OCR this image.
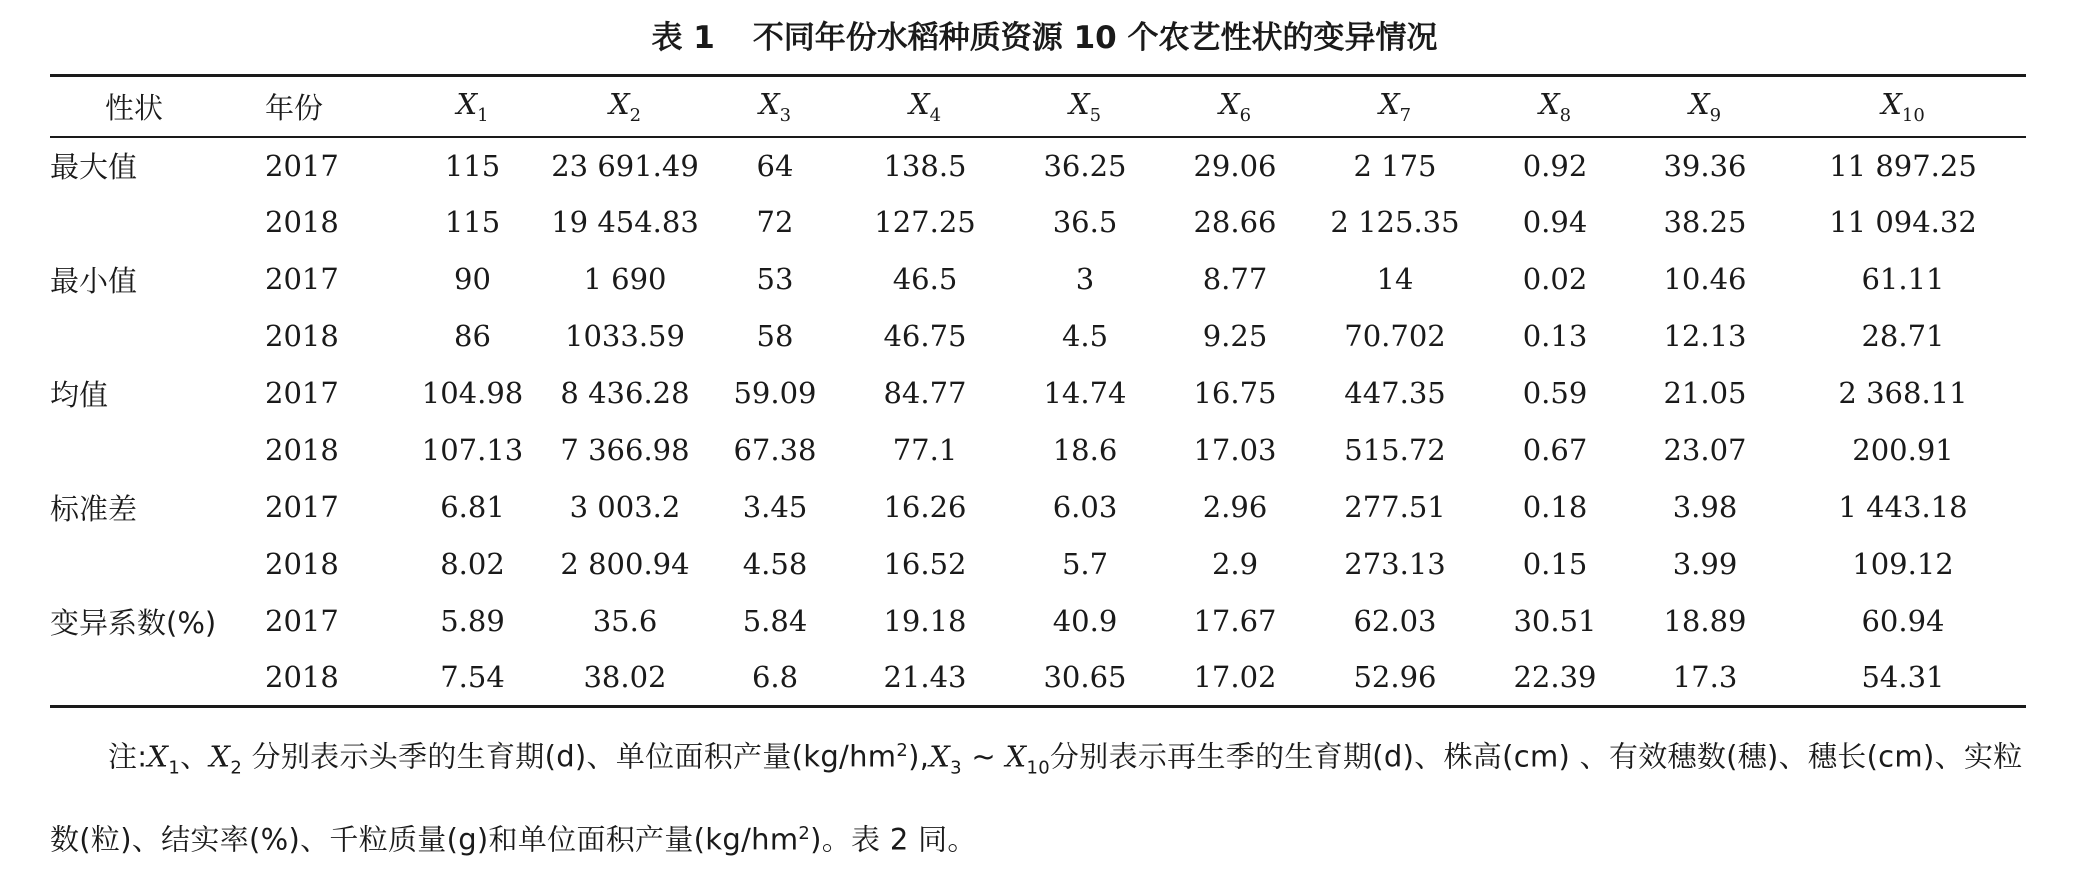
表 1 不同年份水稻种质资源 10 个农艺性状的变异情况
性状	年份	$X_1$	$X_2$	$X_3$	$X_4$	$X_5$	$X_6$	$X_7$	$X_8$	$X_9$	$X_{10}$
最大值	2017	115	23 691.49	64	138.5	36.25	29.06	2 175	0.92	39.36	11 897.25
	2018	115	19 454.83	72	127.25	36.5	28.66	2 125.35	0.94	38.25	11 094.32
最小值	2017	90	1 690	53	46.5	3	8.77	14	0.02	10.46	61.11
	2018	86	1033.59	58	46.75	4.5	9.25	70.702	0.13	12.13	28.71
均值	2017	104.98	8 436.28	59.09	84.77	14.74	16.75	447.35	0.59	21.05	2 368.11
	2018	107.13	7 366.98	67.38	77.1	18.6	17.03	515.72	0.67	23.07	200.91
标准差	2017	6.81	3 003.2	3.45	16.26	6.03	2.96	277.51	0.18	3.98	1 443.18
	2018	8.02	2 800.94	4.58	16.52	5.7	2.9	273.13	0.15	3.99	109.12
变异系数(%)	2017	5.89	35.6	5.84	19.18	40.9	17.67	62.03	30.51	18.89	60.94
	2018	7.54	38.02	6.8	21.43	30.65	17.02	52.96	22.39	17.3	54.31
注$:X_1$、$X_2$ 分别表示头季的生育期(d)、单位面积产量$(kg/hm^2),X_3$ ~ $X_{10}$分别表示再生季的生育期(d)、株高(cm) 、有效穗数(穗)、穗长(cm)、实粒数(粒)、结实率(%)、千粒质量(g)和单位面积产量$(kg/hm^2)$。表 2 同。
